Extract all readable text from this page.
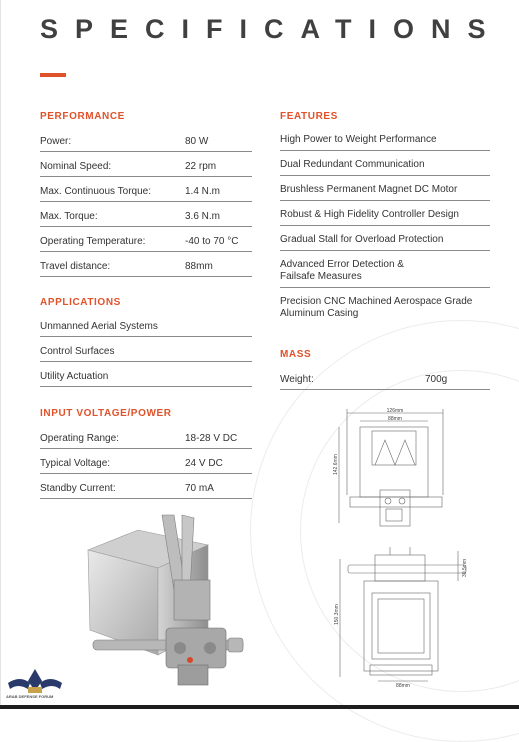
SPECIFICATIONS
PERFORMANCE
Power:	80 W
Nominal Speed:	22 rpm
Max. Continuous Torque:	1.4 N.m
Max. Torque:	3.6 N.m
Operating Temperature:	-40 to 70 °C
Travel distance:	88mm
APPLICATIONS
Unmanned Aerial Systems
Control Surfaces
Utility Actuation
INPUT VOLTAGE/POWER
Operating Range:	18-28 V DC
Typical Voltage:	24 V DC
Standby Current:	70 mA
FEATURES
High Power to Weight Performance
Dual Redundant Communication
Brushless Permanent Magnet DC Motor
Robust & High Fidelity Controller Design
Gradual Stall for Overload Protection
Advanced Error Detection &
Failsafe Measures
Precision CNC Machined Aerospace Grade
Aluminum Casing
MASS
Weight:	700g
126mm
88mm
142.6mm
150.3mm
30.5mm
88mm
ARAB DEFENSE FORUM
